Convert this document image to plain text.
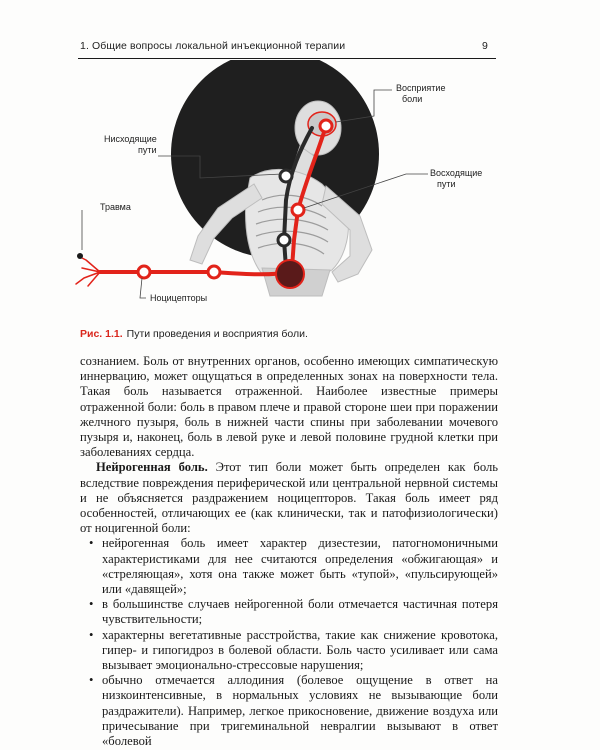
1. Общие вопросы локальной инъекционной терапии	9
Восприятие
боли
Нисходящие
пути
Восходящие
пути
Травма
Ноцицепторы
Рис. 1.1. Пути проведения и восприятия боли.

сознанием. Боль от внутренних органов, особенно имеющих симпатическую иннервацию, может ощущаться в определенных зонах на поверхности тела. Такая боль называется отраженной. Наиболее известные примеры отраженной боли: боль в правом плече и правой стороне шеи при поражении желчного пузыря, боль в нижней части спины при заболевании мочевого пузыря и, наконец, боль в левой руке и левой половине грудной клетки при заболеваниях сердца.

Нейрогенная боль. Этот тип боли может быть определен как боль вследствие повреждения периферической или центральной нервной системы и не объясняется раздражением ноцицепторов. Такая боль имеет ряд особенностей, отличающих ее (как клинически, так и патофизиологически) от ноцигенной боли:

• нейрогенная боль имеет характер дизестезии, патогномоничными характеристиками для нее считаются определения «обжигающая» и «стреляющая», хотя она также может быть «тупой», «пульсирующей» или «давящей»;
• в большинстве случаев нейрогенной боли отмечается частичная потеря чувствительности;
• характерны вегетативные расстройства, такие как снижение кровотока, гипер- и гипогидроз в болевой области. Боль часто усиливает или сама вызывает эмоционально-стрессовые нарушения;
• обычно отмечается аллодиния (болевое ощущение в ответ на низкоинтенсивные, в нормальных условиях не вызывающие боли раздражители). Например, легкое прикосновение, движение воздуха или причесывание при тригеминальной невралгии вызывают в ответ «болевой
